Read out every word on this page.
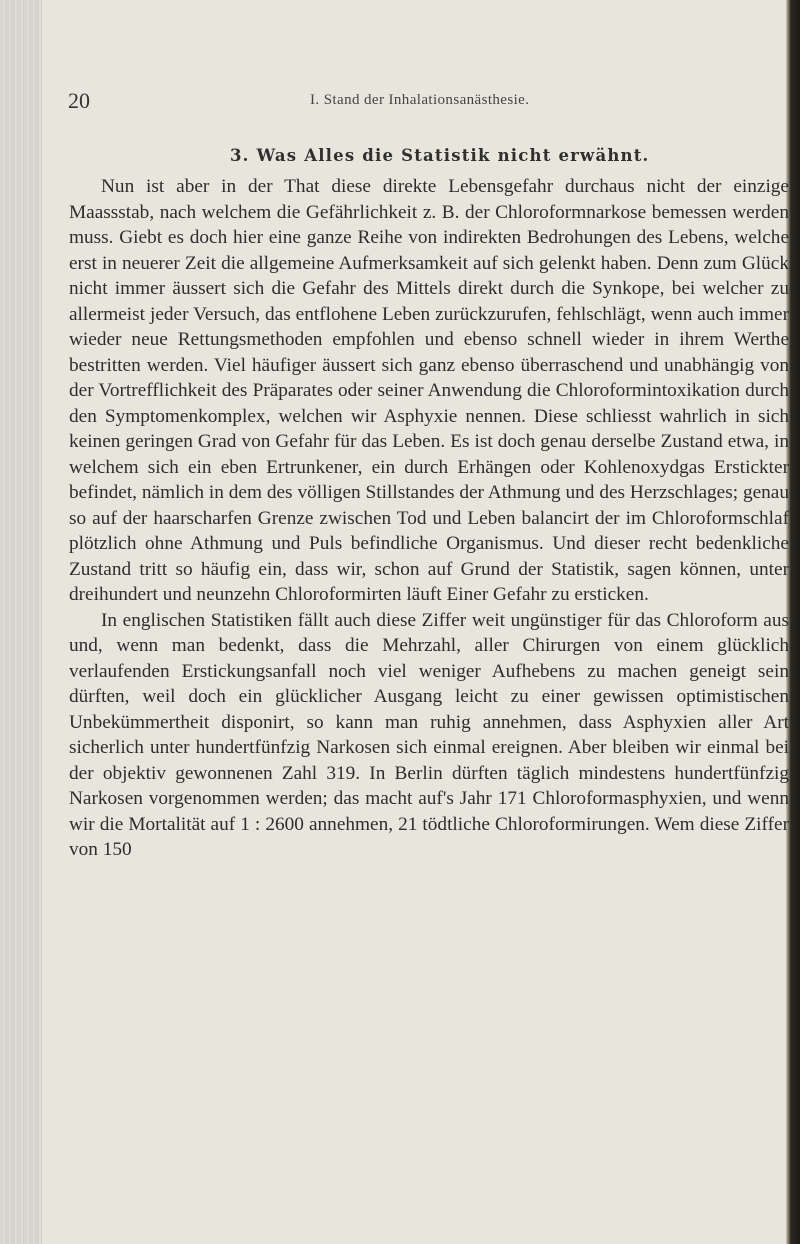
20	I. Stand der Inhalationsanästhesie.
3. Was Alles die Statistik nicht erwähnt.

Nun ist aber in der That diese direkte Lebensgefahr durchaus nicht der einzige Maassstab, nach welchem die Gefährlichkeit z. B. der Chloroformnarkose bemessen werden muss. Giebt es doch hier eine ganze Reihe von indirekten Bedrohungen des Lebens, welche erst in neuerer Zeit die allgemeine Aufmerksamkeit auf sich gelenkt haben. Denn zum Glück nicht immer äussert sich die Gefahr des Mittels direkt durch die Synkope, bei welcher zu allermeist jeder Versuch, das entflohene Leben zurückzurufen, fehlschlägt, wenn auch immer wieder neue Rettungsmethoden empfohlen und ebenso schnell wieder in ihrem Werthe bestritten werden. Viel häufiger äussert sich ganz ebenso überraschend und unabhängig von der Vortrefflichkeit des Präparates oder seiner Anwendung die Chloroformintoxikation durch den Symptomenkomplex, welchen wir Asphyxie nennen. Diese schliesst wahrlich in sich keinen geringen Grad von Gefahr für das Leben. Es ist doch genau derselbe Zustand etwa, in welchem sich ein eben Ertrunkener, ein durch Erhängen oder Kohlenoxydgas Erstickter befindet, nämlich in dem des völligen Stillstandes der Athmung und des Herzschlages; genau so auf der haarscharfen Grenze zwischen Tod und Leben balancirt der im Chloroformschlaf plötzlich ohne Athmung und Puls befindliche Organismus. Und dieser recht bedenkliche Zustand tritt so häufig ein, dass wir, schon auf Grund der Statistik, sagen können, unter dreihundert und neunzehn Chloroformirten läuft Einer Gefahr zu ersticken.

In englischen Statistiken fällt auch diese Ziffer weit ungünstiger für das Chloroform aus und, wenn man bedenkt, dass die Mehrzahl, aller Chirurgen von einem glücklich verlaufenden Erstickungsanfall noch viel weniger Aufhebens zu machen geneigt sein dürften, weil doch ein glücklicher Ausgang leicht zu einer gewissen optimistischen Unbekümmertheit disponirt, so kann man ruhig annehmen, dass Asphyxien aller Art sicherlich unter hundertfünfzig Narkosen sich einmal ereignen. Aber bleiben wir einmal bei der objektiv gewonnenen Zahl 319. In Berlin dürften täglich mindestens hundertfünfzig Narkosen vorgenommen werden; das macht auf's Jahr 171 Chloroformasphyxien, und wenn wir die Mortalität auf 1 : 2600 annehmen, 21 tödtliche Chloroformirungen. Wem diese Ziffer von 150
